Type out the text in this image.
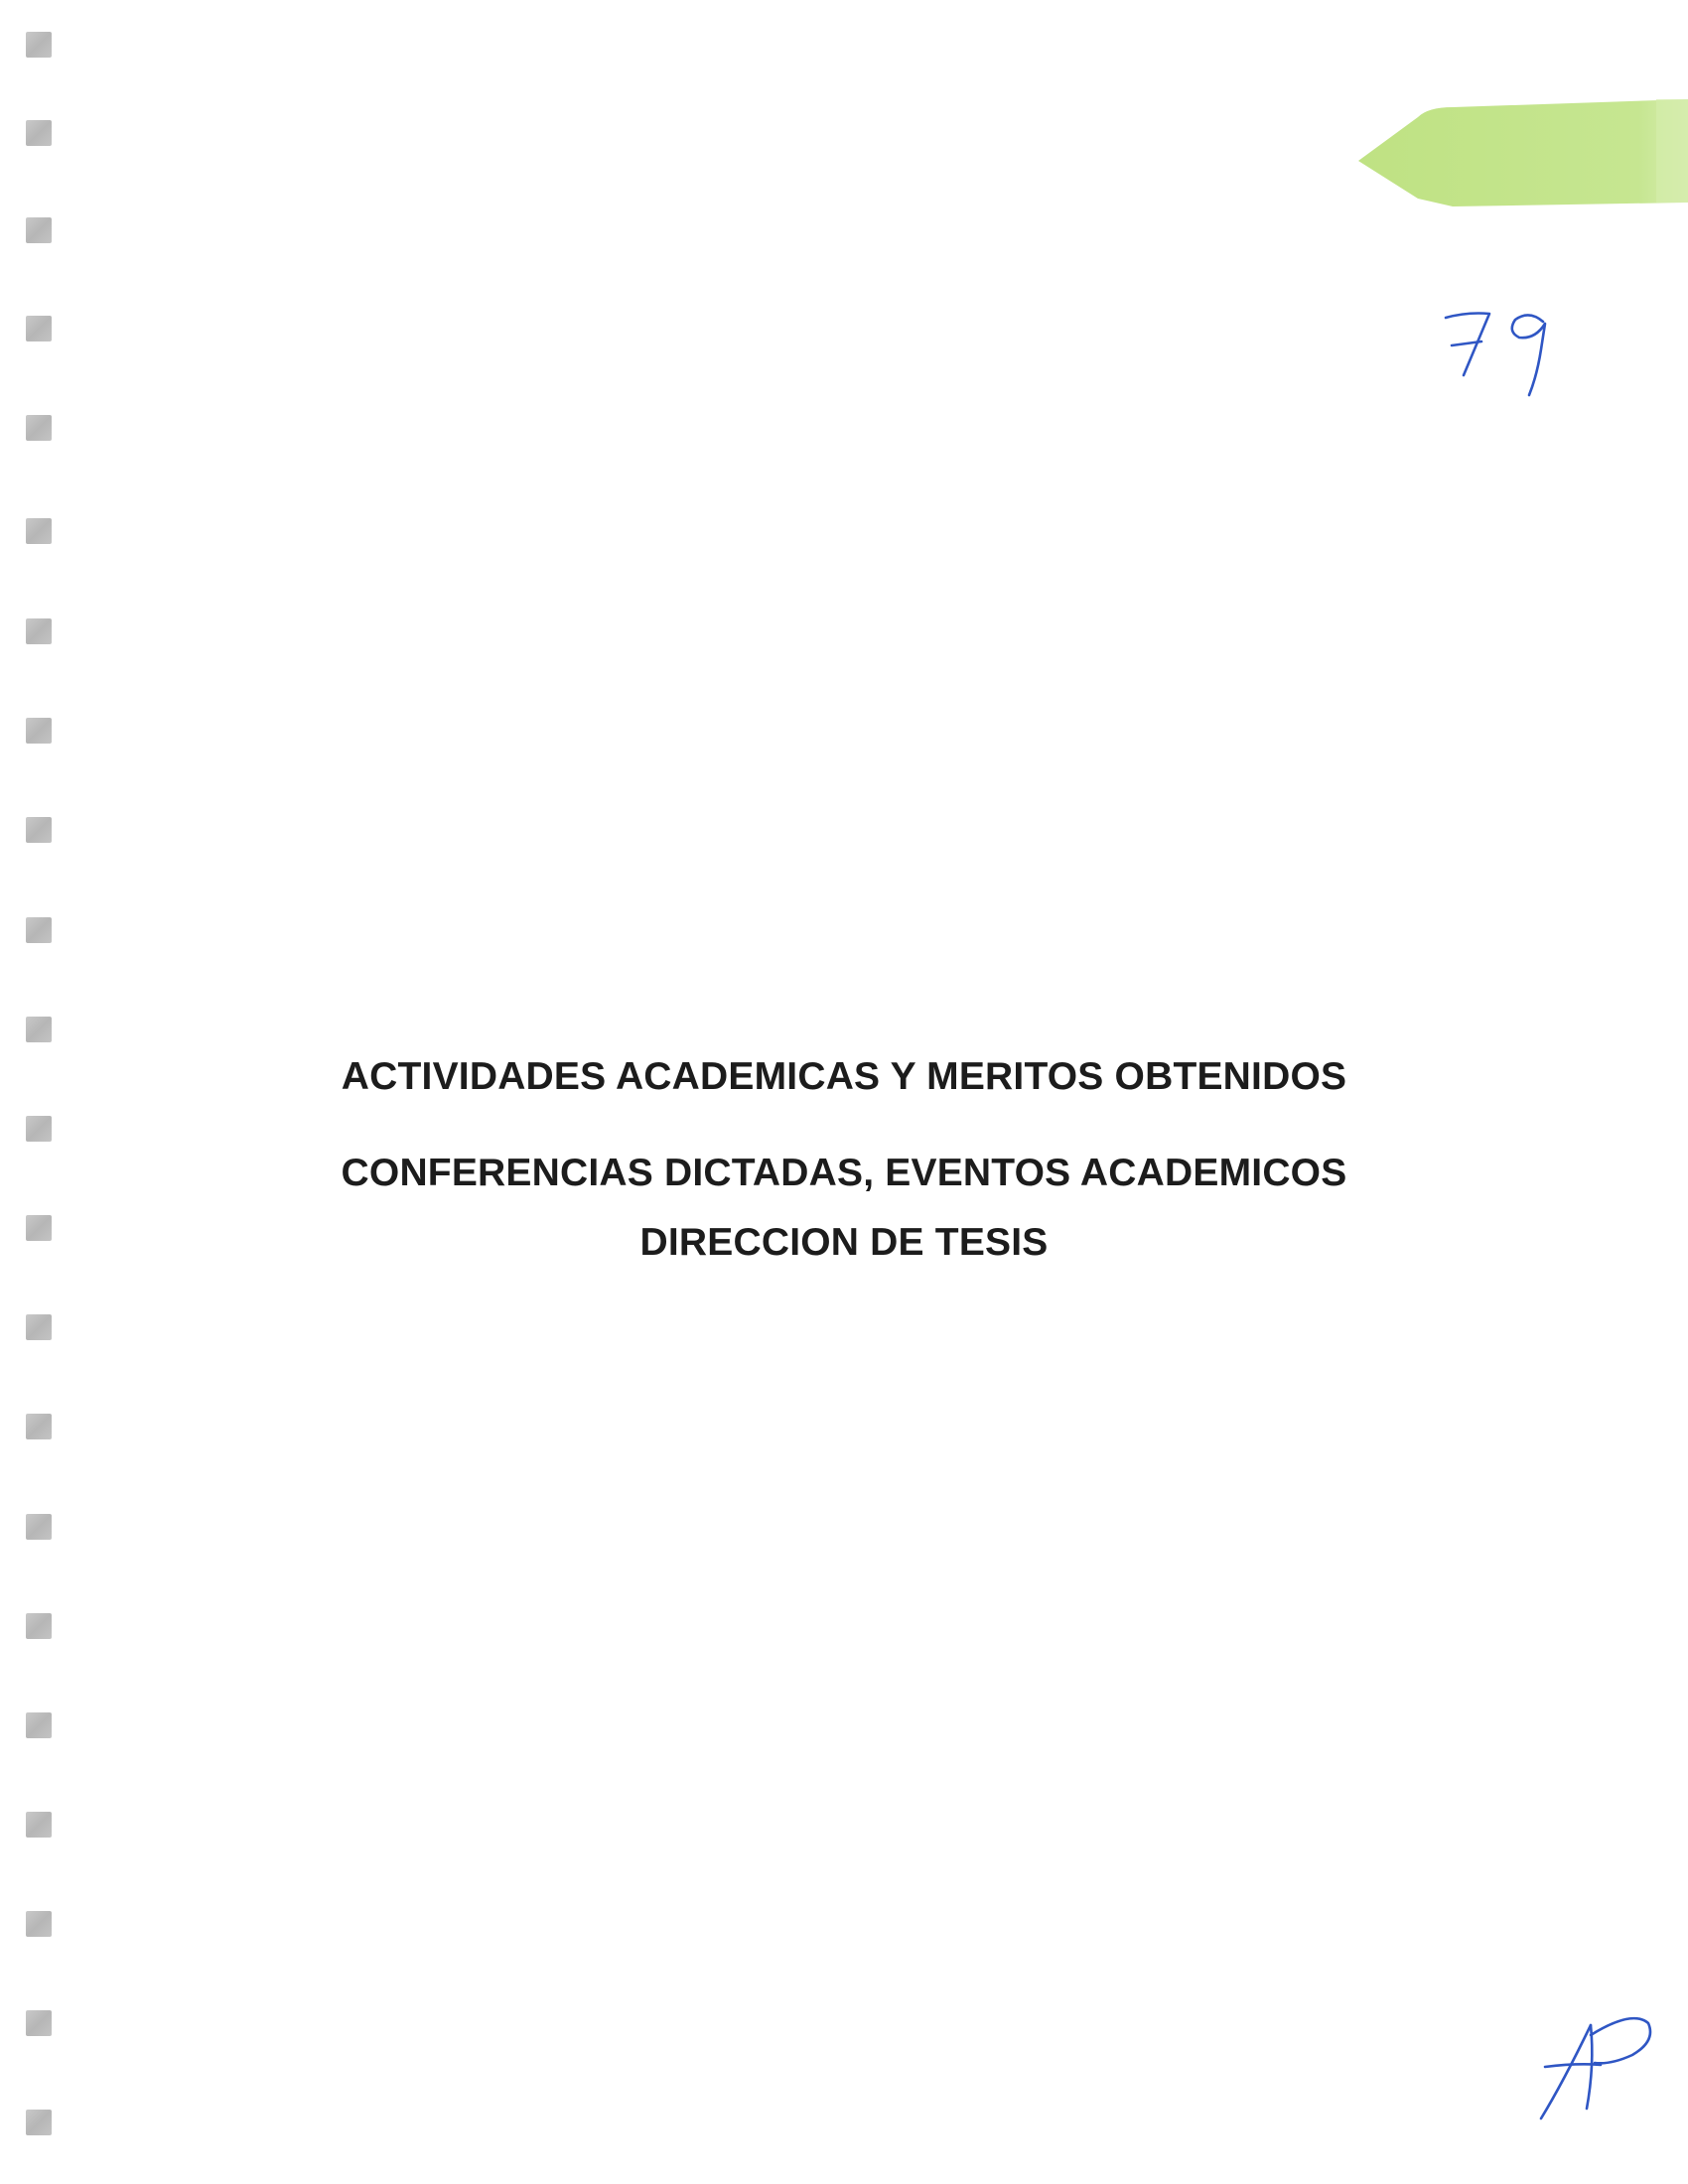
79
ACTIVIDADES ACADEMICAS Y MERITOS OBTENIDOS
CONFERENCIAS DICTADAS, EVENTOS ACADEMICOS
DIRECCION DE TESIS
AP
